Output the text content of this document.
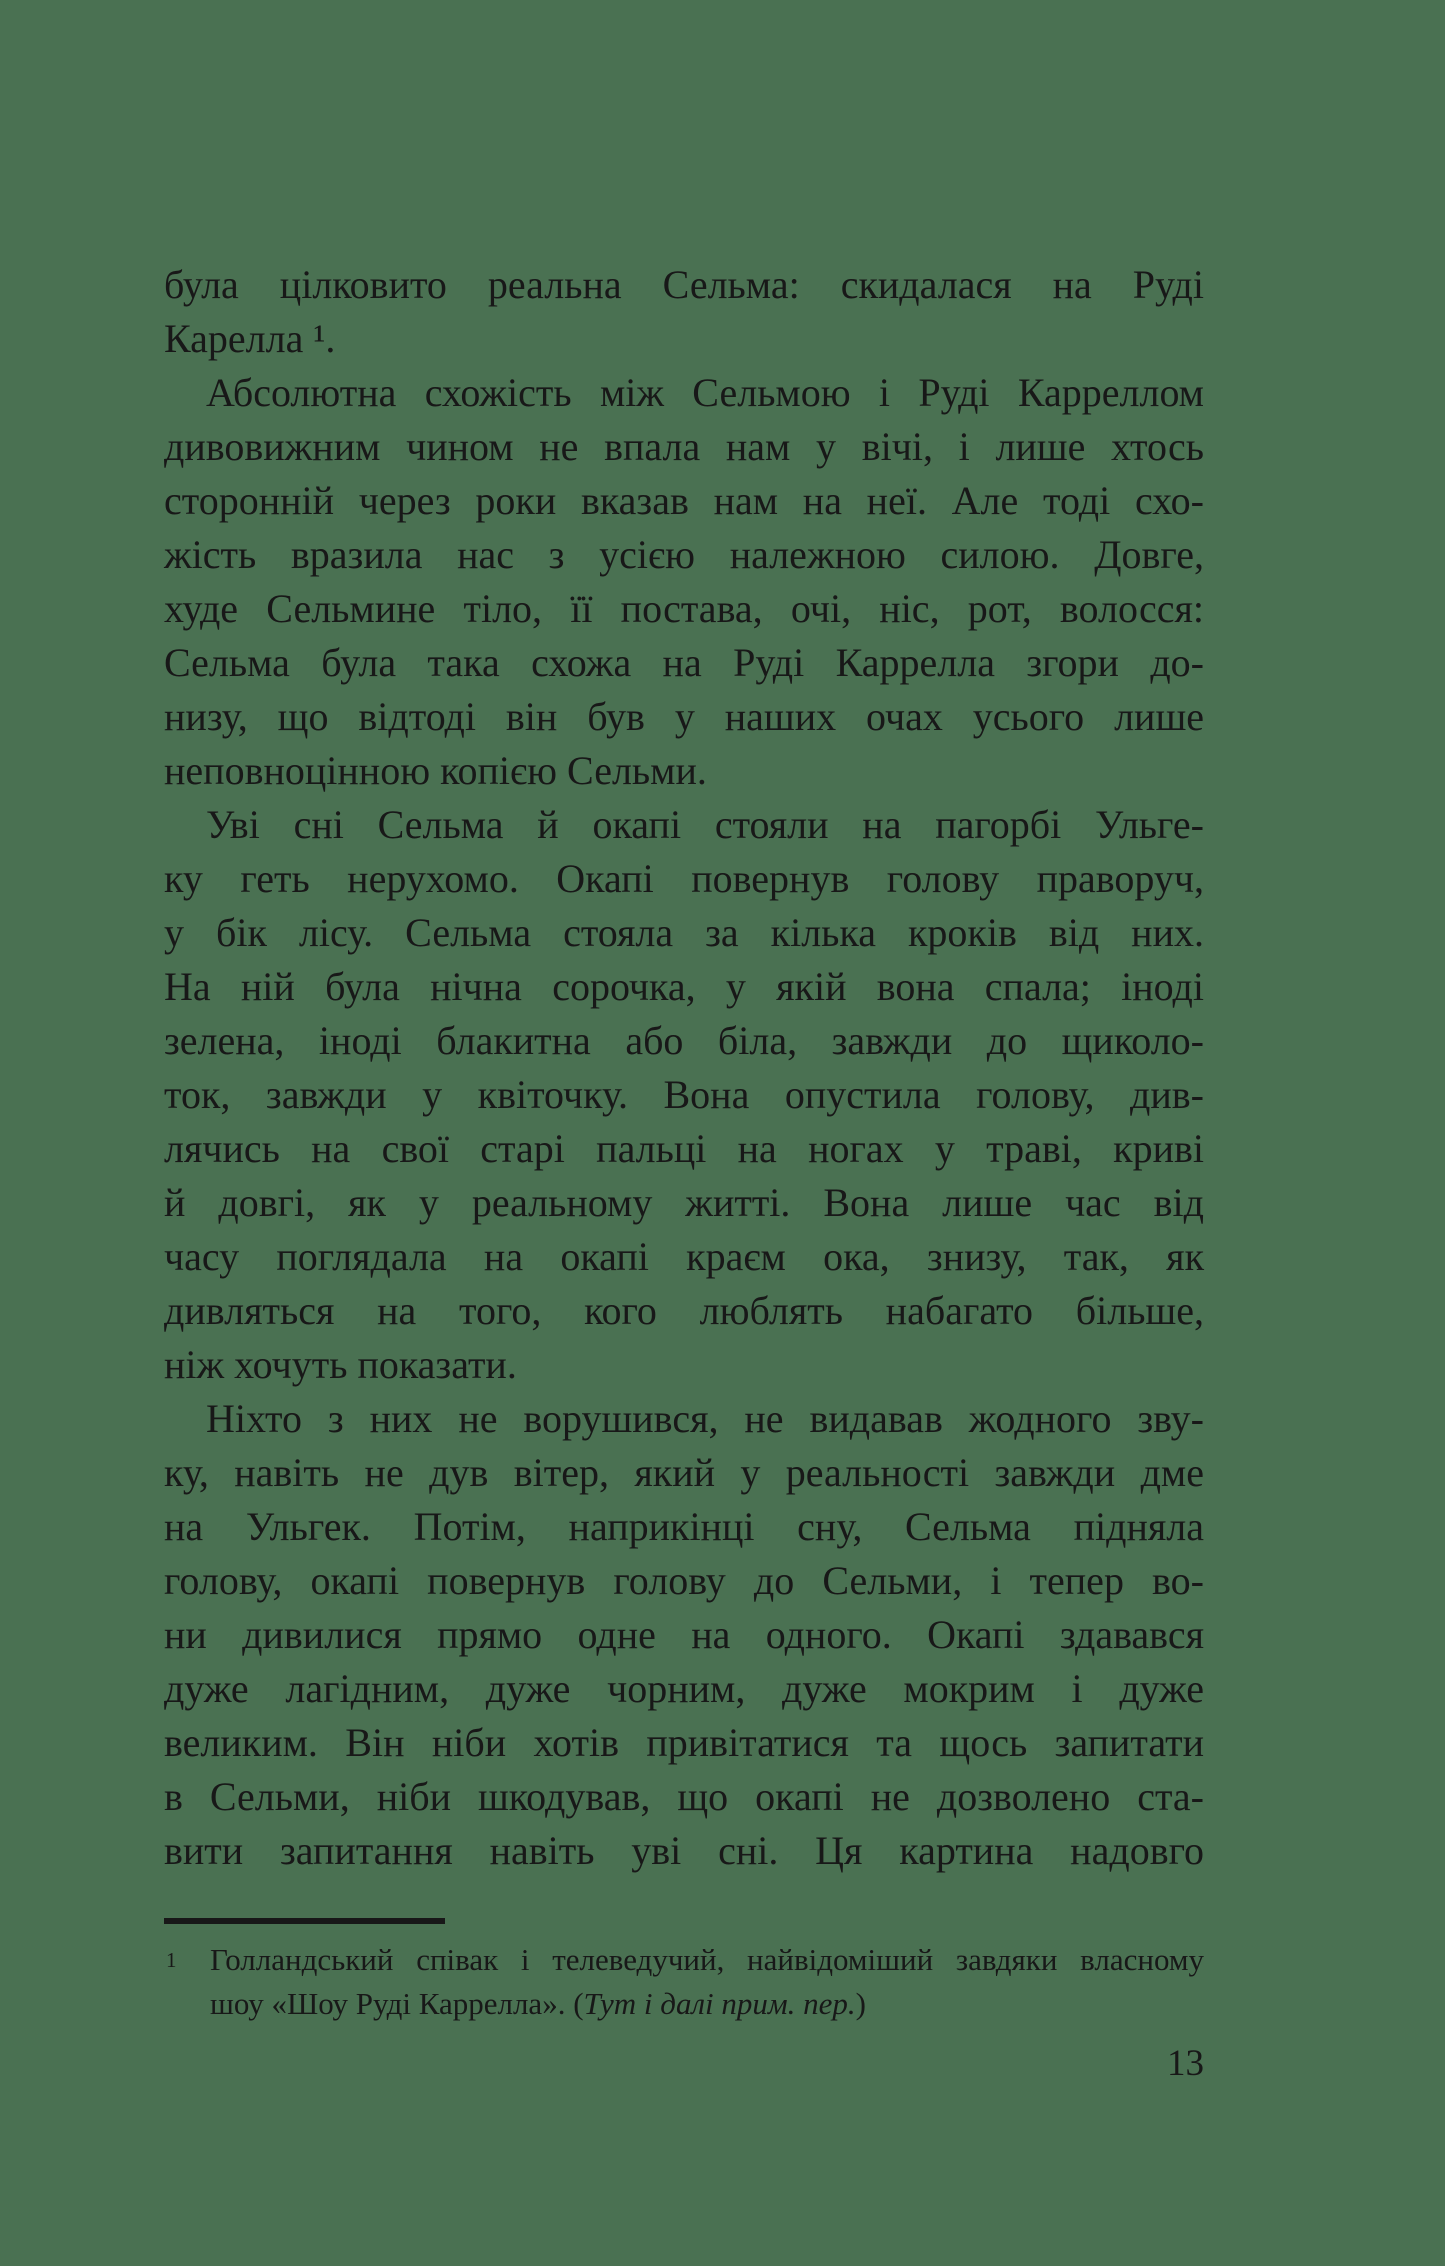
була цілковито реальна Сельма: скидалася на Руді
Карелла ¹.
Абсолютна схожість між Сельмою і Руді Карреллом
дивовижним чином не впала нам у вічі, і лише хтось
сторонній через роки вказав нам на неї. Але тоді схо-
жість вразила нас з усією належною силою. Довге,
худе Сельмине тіло, її постава, очі, ніс, рот, волосся:
Сельма була така схожа на Руді Каррелла згори до-
низу, що відтоді він був у наших очах усього лише
неповноцінною копією Сельми.
Уві сні Сельма й окапі стояли на пагорбі Ульге-
ку геть нерухомо. Окапі повернув голову праворуч,
у бік лісу. Сельма стояла за кілька кроків від них.
На ній була нічна сорочка, у якій вона спала; іноді
зелена, іноді блакитна або біла, завжди до щиколо-
ток, завжди у квіточку. Вона опустила голову, див-
лячись на свої старі пальці на ногах у траві, криві
й довгі, як у реальному житті. Вона лише час від
часу поглядала на окапі краєм ока, знизу, так, як
дивляться на того, кого люблять набагато більше,
ніж хочуть показати.
Ніхто з них не ворушився, не видавав жодного зву-
ку, навіть не дув вітер, який у реальності завжди дме
на Ульгек. Потім, наприкінці сну, Сельма підняла
голову, окапі повернув голову до Сельми, і тепер во-
ни дивилися прямо одне на одного. Окапі здавався
дуже лагідним, дуже чорним, дуже мокрим і дуже
великим. Він ніби хотів привітатися та щось запитати
в Сельми, ніби шкодував, що окапі не дозволено ста-
вити запитання навіть уві сні. Ця картина надовго
1 Голландський співак і телеведучий, найвідоміший завдяки власному
шоу «Шоу Руді Каррелла». (Тут і далі прим. пер.)
13
